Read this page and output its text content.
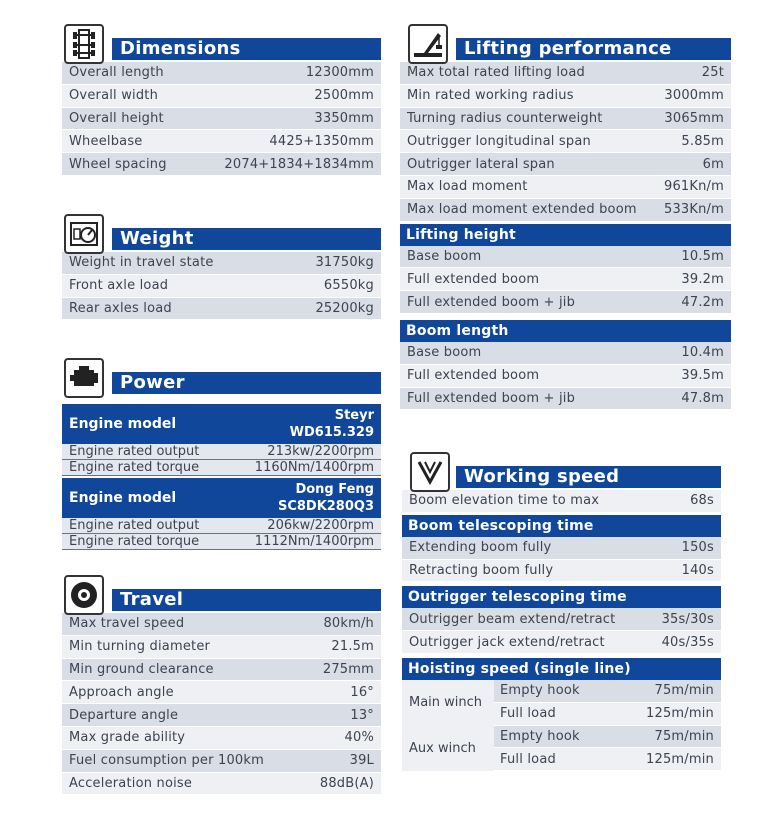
Dimensions
Overall length	12300mm
Overall width	2500mm
Overall height	3350mm
Wheelbase	4425+1350mm
Wheel spacing	2074+1834+1834mm
Weight
Weight in travel state	31750kg
Front axle load	6550kg
Rear axles load	25200kg
Power
Engine model
Steyr
WD615.329
Engine rated output	213kw/2200rpm
Engine rated torque	1160Nm/1400rpm
Engine model
Dong Feng
SC8DK280Q3
Engine rated output	206kw/2200rpm
Engine rated torque	1112Nm/1400rpm
Travel
Max travel speed	80km/h
Min turning diameter	21.5m
Min ground clearance	275mm
Approach angle	16°
Departure angle	13°
Max grade ability	40%
Fuel consumption per 100km	39L
Acceleration noise	88dB(A)
Lifting performance
Max total rated lifting load	25t
Min rated working radius	3000mm
Turning radius counterweight	3065mm
Outrigger longitudinal span	5.85m
Outrigger lateral span	6m
Max load moment	961Kn/m
Max load moment extended boom 533Kn/m
Lifting height
Base boom	10.5m
Full extended boom	39.2m
Full extended boom + jib	47.2m
Boom length
Base boom	10.4m
Full extended boom	39.5m
Full extended boom + jib	47.8m
Working speed
Boom elevation time to max	68s
Boom telescoping time
Extending boom fully	150s
Retracting boom fully	140s
Outrigger telescoping time
Outrigger beam extend/retract	35s/30s
Outrigger jack extend/retract	40s/35s
Hoisting speed (single line)
Main winch
Empty hook	75m/min
Full load	125m/min
Aux winch
Empty hook	75m/min
Full load	125m/min
